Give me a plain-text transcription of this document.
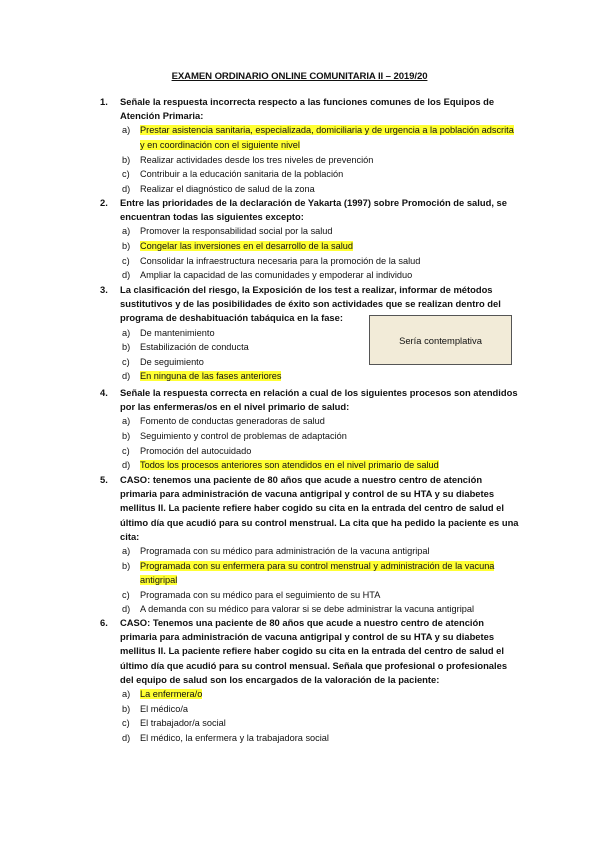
EXAMEN ORDINARIO ONLINE COMUNITARIA II – 2019/20
1.	Señale la respuesta incorrecta respecto a las funciones comunes de los Equipos de Atención Primaria:
a)	Prestar asistencia sanitaria, especializada, domiciliaria y de urgencia a la población adscrita y en coordinación con el siguiente nivel
b)	Realizar actividades desde los tres niveles de prevención
c)	Contribuir a la educación sanitaria de la población
d)	Realizar el diagnóstico de salud de la zona
2.	Entre las prioridades de la declaración de Yakarta (1997) sobre Promoción de salud, se encuentran todas las siguientes excepto:
a)	Promover la responsabilidad social por la salud
b)	Congelar las inversiones en el desarrollo de la salud
c)	Consolidar la infraestructura necesaria para la promoción de la salud
d)	Ampliar la capacidad de las comunidades y empoderar al individuo
3.	La clasificación del riesgo, la Exposición de los test a realizar, informar de métodos sustitutivos y de las posibilidades de éxito son actividades que se realizan dentro del programa de deshabituación tabáquica en la fase:
a)	De mantenimiento
b)	Estabilización de conducta
c)	De seguimiento
d)	En ninguna de las fases anteriores
Sería contemplativa
4.	Señale la respuesta correcta en relación a cual de los siguientes procesos son atendidos por las enfermeras/os en el nivel primario de salud:
a)	Fomento de conductas generadoras de salud
b)	Seguimiento y control de problemas de adaptación
c)	Promoción del autocuidado
d)	Todos los procesos anteriores son atendidos en el nivel primario de salud
5.	CASO: tenemos una paciente de 80 años que acude a nuestro centro de atención primaria para administración de vacuna antigripal y control de su HTA y su diabetes mellitus II. La paciente refiere haber cogido su cita en la entrada del centro de salud el último día que acudió para su control menstrual. La cita que ha pedido la paciente es una cita:
a)	Programada con su médico para administración de la vacuna antigripal
b)	Programada con su enfermera para su control menstrual y administración de la vacuna antigripal
c)	Programada con su médico para el seguimiento de su HTA
d)	A demanda con su médico para valorar si se debe administrar la vacuna antigripal
6.	CASO: Tenemos una paciente de 80 años que acude a nuestro centro de atención primaria para administración de vacuna antigripal y control de su HTA y su diabetes mellitus II. La paciente refiere haber cogido su cita en la entrada del centro de salud el último día que acudió para su control mensual. Señala que profesional o profesionales del equipo de salud son los encargados de la valoración de la paciente:
a)	La enfermera/o
b)	El médico/a
c)	El trabajador/a social
d)	El médico, la enfermera y la trabajadora social
